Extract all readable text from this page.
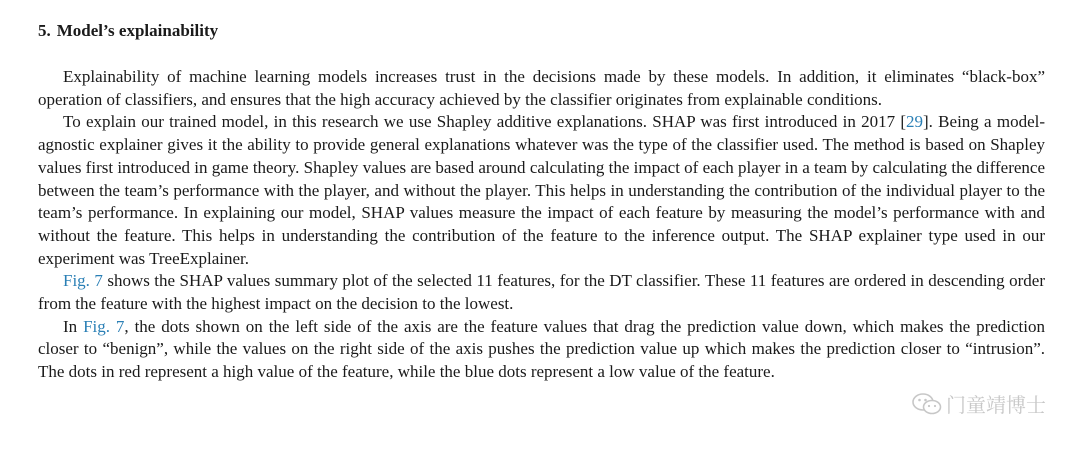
5. Model’s explainability

Explainability of machine learning models increases trust in the decisions made by these models. In addition, it eliminates “black-box” operation of classifiers, and ensures that the high accuracy achieved by the classifier originates from explainable conditions.

To explain our trained model, in this research we use Shapley additive explanations. SHAP was first introduced in 2017 [29]. Being a model-agnostic explainer gives it the ability to provide general explanations whatever was the type of the classifier used. The method is based on Shapley values first introduced in game theory. Shapley values are based around calculating the impact of each player in a team by calculating the difference between the team’s performance with the player, and without the player. This helps in understanding the contribution of the individual player to the team’s performance. In explaining our model, SHAP values measure the impact of each feature by measuring the model’s performance with and without the feature. This helps in understanding the contribution of the feature to the inference output. The SHAP explainer type used in our experiment was TreeExplainer.

Fig. 7 shows the SHAP values summary plot of the selected 11 features, for the DT classifier. These 11 features are ordered in descending order from the feature with the highest impact on the decision to the lowest.

In Fig. 7, the dots shown on the left side of the axis are the feature values that drag the prediction value down, which makes the prediction closer to “benign”, while the values on the right side of the axis pushes the prediction value up which makes the prediction closer to “intrusion”. The dots in red represent a high value of the feature, while the blue dots represent a low value of the feature.

门童靖博士
